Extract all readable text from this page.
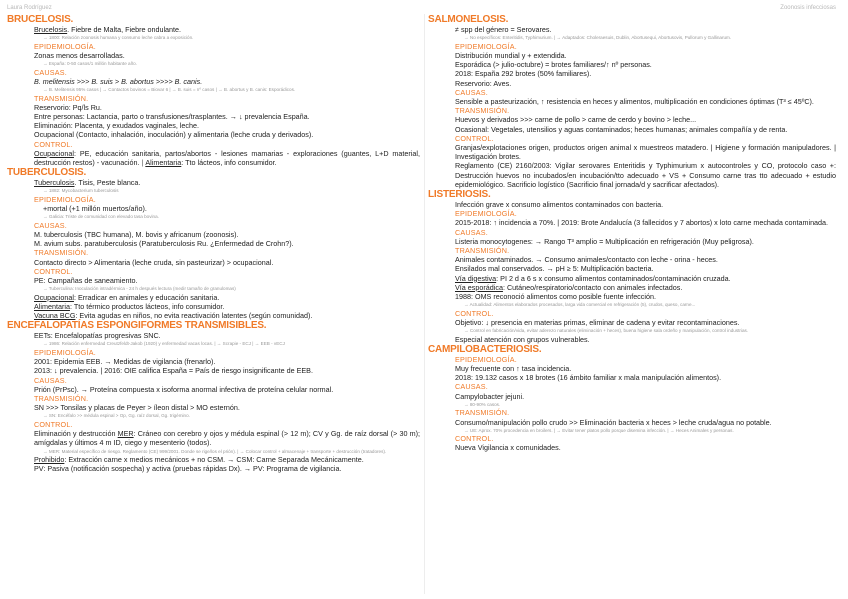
Laura Rodríguez	Zoonosis infecciosas
BRUCELOSIS.
Brucelosis. Fiebre de Malta, Fiebre ondulante.
→ 1800: Relación zoonosis humana y consumo leche cabra a exposición.
EPIDEMIOLOGÍA.
Zonas menos desarrolladas.
→ España: 0-50 casos/1 millón habitante año.
CAUSAS.
B. melitensis >>> B. suis > B. abortus >>>> B. canis.
→ B. Melitensis 95% casos | → Contactos bovinos = Biovar 6 | → B. suis = nº casos | → B. abortus y B. canis: Esporádicos.
TRANSMISIÓN.
Reservorio: Pq/ls Ru.
Entre personas: Lactancia, parto o transfusiones/trasplantes. → ↓ prevalencia España.
Eliminación: Placenta, y exudados vaginales, leche.
Ocupacional (Contacto, inhalación, inoculación) y alimentaria (leche cruda y derivados).
CONTROL.
Ocupacional: PE, educación sanitaria, partos/abortos - lesiones mamarias - exploraciones (guantes, L+D material, destrucción restos) - vacunación. | Alimentaria: Tto lácteos, info consumidor.
TUBERCULOSIS.
Tuberculosis. Tisis, Peste blanca.
→ 1882: Mycobacterium tuberculosis
EPIDEMIOLOGÍA.
+mortal (+1 millón muertos/año).
→ Galicia: Triste de comunidad con elevado tasa bovina.
CAUSAS.
M. tuberculosis (TBC humana), M. bovis y africanum (zoonosis).
M. avium subs. paratuberculosis (Paratuberculosis Ru. ¿Enfermedad de Crohn?).
TRANSMISIÓN.
Contacto directo > Alimentaria (leche cruda, sin pasteurizar) > ocupacional.
CONTROL.
PE: Campañas de saneamiento.
→ Tuberculina: Inoculación intradérmica - 24 h después lectura (medir tamaño de granulomas)
Ocupacional: Erradicar en animales y educación sanitaria.
Alimentaria: Tto térmico productos lácteos, info consumidor.
Vacuna BCG: Evita agudas en niños, no evita reactivación latentes (según comunidad).
ENCEFALOPATÍAS ESPONGIFORMES TRANSMISIBLES.
EETs: Encefalopatías progresivas SNC.
→ 1986: Relación enfermedad Creutzfeldt-Jakob (1920) y enfermedad vacas locas. | → Scrapie - ECJ | → EEB - vECJ
EPIDEMIOLOGÍA.
2001: Epidemia EEB. → Medidas de vigilancia (frenarlo).
2013: ↓ prevalencia. | 2016: OIE califica España = País de riesgo insignificante de EEB.
CAUSAS.
Prión (PrPsc). → Proteína compuesta x isoforma anormal infectiva de proteína celular normal.
TRANSMISIÓN.
SN >>> Tonsilas y placas de Peyer > íleon distal > MO esternón.
→ SN: Encéfalo >> médula espinal > Op, Gg. raíz dorsal, Gg. trigémino.
CONTROL.
Eliminación y destrucción MER: Cráneo con cerebro y ojos y médula espinal (> 12 m); CV y Gg. de raíz dorsal (> 30 m); amígdalas y últimos 4 m ID, ciego y mesenterio (todos).
→ MER: Material específico de riesgo. Reglamento (CE) 999/2001. Donde se rige/los el prión). | → Colocar control + almacenaje + transporte + destrucción (tratadores).
Prohibido: Extracción carne x medios mecánicos + no CSM. → CSM: Carne Separada Mecánicamente.
PV: Pasiva (notificación sospecha) y activa (pruebas rápidas Dx). → PV: Programa de vigilancia.
SALMONELOSIS.
≠ spp del género = Serovares.
→ No específicos: Enteritidis, Typhimurium. | → Adaptados: Choleraesuis, Dublin, Abortusequi, Abortusovis, Pullorum y Gallinarum.
EPIDEMIOLOGÍA.
Distribución mundial y + extendida.
Esporádica (> julio-octubre) = brotes familiares/↑ nº personas.
2018: España 292 brotes (50% familiares).
Reservorio: Aves.
CAUSAS.
Sensible a pasteurización, ↑ resistencia en heces y alimentos, multiplicación en condiciones óptimas (T³ ≤ 45ºC).
TRANSMISIÓN.
Huevos y derivados >>> carne de pollo > carne de cerdo y bovino > leche...
Ocasional: Vegetales, utensilios y aguas contaminados; heces humanas; animales compañía y de renta.
CONTROL.
Granjas/explotaciones origen, productos origen animal x muestreos matadero. | Higiene y formación manipuladores. | Investigación brotes.
Reglamento (CE) 2160/2003: Vigilar serovares Enteritidis y Typhimurium x autocontroles y CO, protocolo caso +: Destrucción huevos no incubados/en incubación/tto adecuado + VS + Consumo carne tras tto adecuado + estudio epidemiológico. Sacrificio logístico (Sacrificio final jornada/d y sacrificar afectados).
LISTERIOSIS.
Infección grave x consumo alimentos contaminados con bacteria.
EPIDEMIOLOGÍA.
2015-2018: ↑ incidencia a 70%. | 2019: Brote Andalucía (3 fallecidos y 7 abortos) x loto carne mechada contaminada.
CAUSAS.
Listeria monocytogenes: → Rango T³ amplio = Multiplicación en refrigeración (Muy peligrosa).
TRANSMISIÓN.
Animales contaminados. → Consumo animales/contacto con leche - orina - heces.
Ensilados mal conservados. → pH ≥ 5: Multiplicación bacteria.
Vía digestiva: PI 2 d a 6 s x consumo alimentos contaminados/contaminación cruzada.
Vía esporádica: Cutáneo/respiratorio/contacto con animales infectados.
1988: OMS reconoció alimentos como posible fuente infección.
→ Actualidad: Alimentos elaborados procesados, larga vida comercial en refrigeración (5), crudos, queso, carne...
CONTROL.
Objetivo: ↓ presencia en materias primas, eliminar de cadena y evitar recontaminaciones.
→ Control en fabricación/vida, evitar aderezo naturales (eliminación + heces), buena higiene sala ordeño y manipulación, control industrias.
Especial atención con grupos vulnerables.
CAMPILOBACTERIOSIS.
EPIDEMIOLOGÍA.
Muy frecuente con ↑ tasa incidencia.
2018: 19.132 casos x 18 brotes (16 ámbito familiar x mala manipulación alimentos).
CAUSAS.
Campylobacter jejuni.
→ 80-90% casos.
TRANSMISIÓN.
Consumo/manipulación pollo crudo >> Eliminación bacteria x heces > leche cruda/agua no potable.
→ UE: Aprox. 70% procedencia en broilers. | → Evitar tener platos pollo porque disemina infección. | → Heces Animales y personas.
CONTROL.
Nueva Vigilancia x comunidades.
